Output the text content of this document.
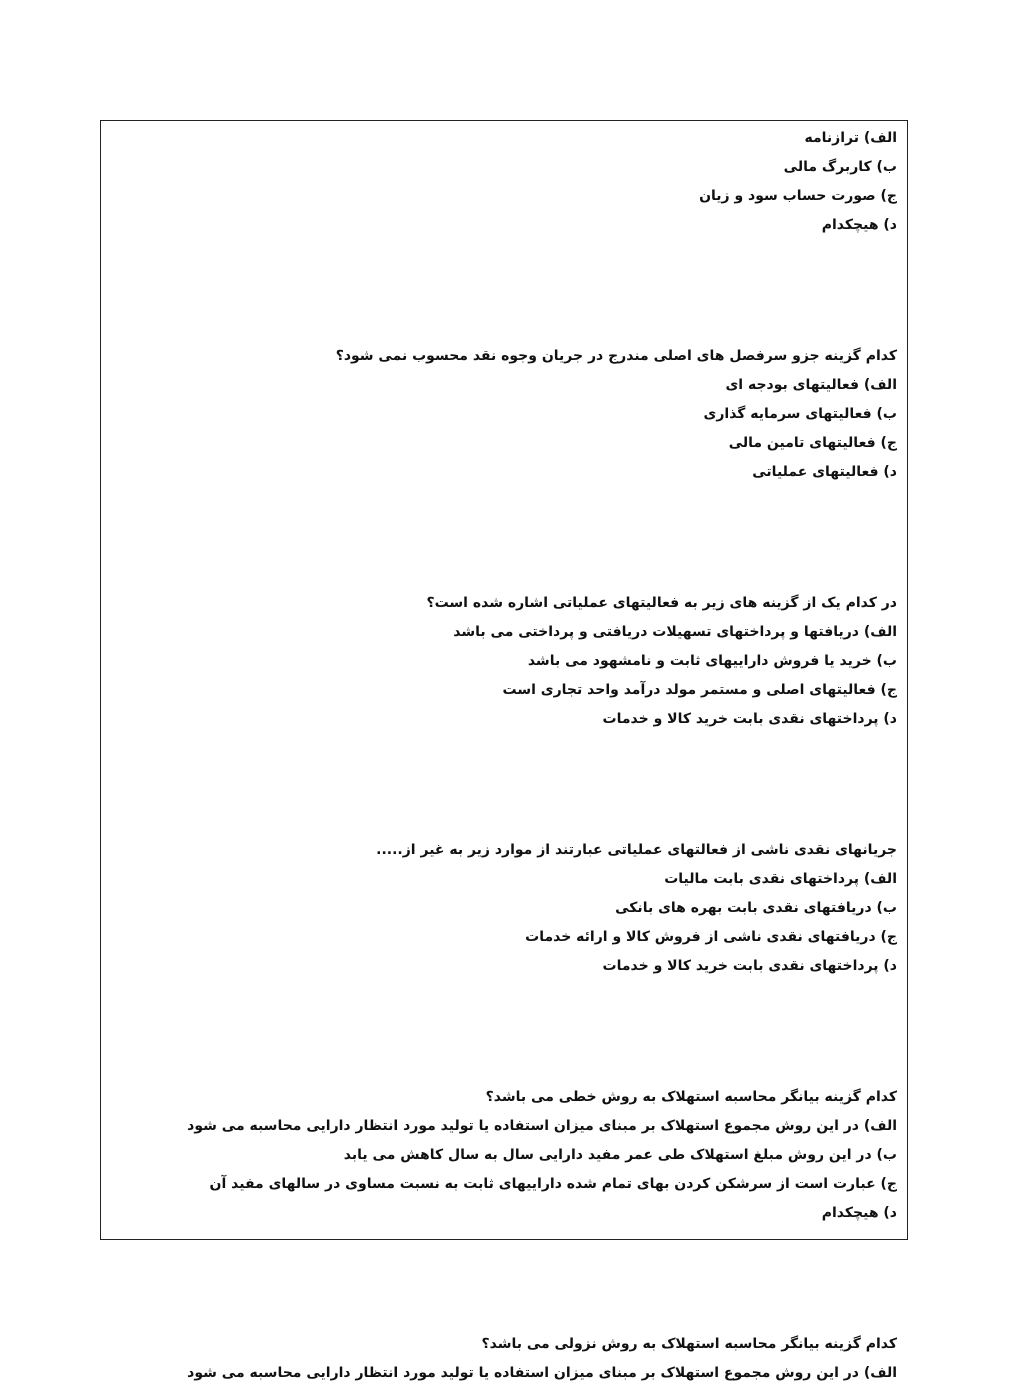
الف) ترازنامه
ب) کاربرگ مالی
ج) صورت حساب سود و زیان
د) هیچکدام
کدام گزینه جزو سرفصل های اصلی مندرج در جریان وجوه نقد محسوب نمی شود؟
الف) فعالیتهای بودجه ای
ب) فعالیتهای سرمایه گذاری
ج) فعالیتهای تامین مالی
د) فعالیتهای عملیاتی
در کدام یک از گزینه های زیر به فعالیتهای عملیاتی اشاره شده است؟
الف) دریافتها و پرداختهای تسهیلات دریافتی و پرداختی می باشد
ب) خرید یا فروش داراییهای ثابت و نامشهود می باشد
ج) فعالیتهای اصلی و مستمر مولد درآمد واحد تجاری است
د) پرداختهای نقدی بابت خرید کالا و خدمات
جریانهای نقدی ناشی از فعالتهای عملیاتی عبارتند از موارد زیر به غیر از.....
الف) پرداختهای نقدی بابت مالیات
ب) دریافتهای نقدی بابت بهره های بانکی
ج) دریافتهای نقدی ناشی از فروش کالا و ارائه خدمات
د) پرداختهای نقدی بابت خرید کالا و خدمات
کدام گزینه بیانگر محاسبه استهلاک به روش خطی می باشد؟
الف) در این روش مجموع استهلاک بر مبنای میزان استفاده یا تولید مورد انتظار دارایی محاسبه می شود
ب) در این روش مبلغ استهلاک طی عمر مفید دارایی سال به سال کاهش می یابد
ج) عبارت است از سرشکن کردن بهای تمام شده داراییهای ثابت به نسبت مساوی در سالهای مفید آن
د) هیچکدام
کدام گزینه بیانگر محاسبه استهلاک به روش نزولی می باشد؟
الف) در این روش مجموع استهلاک بر مبنای میزان استفاده یا تولید مورد انتظار دارایی محاسبه می شود
